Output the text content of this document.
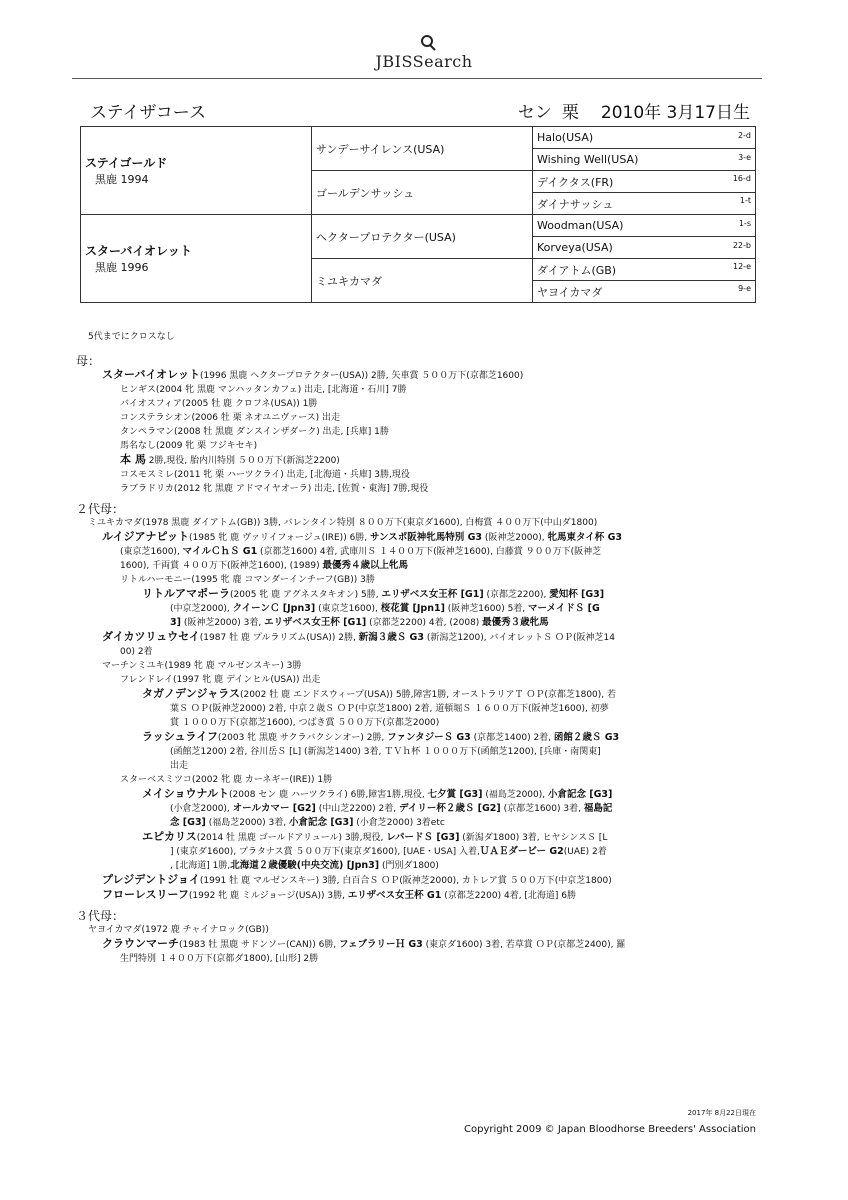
JBISSearch
ステイザコース	セン 栗 2010年 3月17日生
ステイゴールド
黒鹿 1994	サンデーサイレンス(USA)	Halo(USA) 2-d

		Wishing Well(USA) 3-e

	ゴールデンサッシュ	デイクタス(FR) 16-d

		ダイナサッシュ 1-t

スターバイオレット
黒鹿 1996	ヘクタープロテクター(USA)	Woodman(USA) 1-s

		Korveya(USA) 22-b

	ミユキカマダ	ダイアトム(GB) 12-e

		ヤヨイカマダ 9-e
5代までにクロスなし
母：
スターバイオレット(1996 黒鹿 ヘクタープロテクター(USA)) 2勝, 矢車賞 ５００万下(京都芝1600)
ヒンギス(2004 牝 黒鹿 マンハッタンカフェ) 出走, [北海道・石川] 7勝
バイオスフィア(2005 牡 鹿 クロフネ(USA)) 1勝
コンステラシオン(2006 牡 栗 ネオユニヴァース) 出走
タンペラマン(2008 牡 黒鹿 ダンスインザダーク) 出走, [兵庫] 1勝
馬名なし(2009 牝 栗 フジキセキ)
本 馬 2勝,現役, 胎内川特別 ５００万下(新潟芝2200)
コスモスミレ(2011 牝 栗 ハーツクライ) 出走, [北海道・兵庫] 3勝,現役
ラブラドリカ(2012 牝 黒鹿 アドマイヤオーラ) 出走, [佐賀・東海] 7勝,現役
２代母：
ミユキカマダ(1978 黒鹿 ダイアトム(GB)) 3勝, バレンタイン特別 ８００万下(東京ダ1600), 白梅賞 ４００万下(中山ダ1800)
ルイジアナピット(1985 牝 鹿 ヴァリイフォージュ(IRE)) 6勝, サンスポ阪神牝馬特別 G3 (阪神芝2000), 牝馬東タイ杯 G3
(東京芝1600), マイルＣｈＳ G1 (京都芝1600) 4着, 武庫川Ｓ １４００万下(阪神芝1600), 白藤賞 ９００万下(阪神芝
1600), 千両賞 ４００万下(阪神芝1600), (1989) 最優秀４歳以上牝馬
リトルハーモニー(1995 牝 鹿 コマンダーインチーフ(GB)) 3勝
リトルアマポーラ(2005 牝 鹿 アグネスタキオン) 5勝, エリザベス女王杯 [G1] (京都芝2200), 愛知杯 [G3]
(中京芝2000), クイーンＣ [Jpn3] (東京芝1600), 桜花賞 [Jpn1] (阪神芝1600) 5着, マーメイドＳ [G
3] (阪神芝2000) 3着, エリザベス女王杯 [G1] (京都芝2200) 4着, (2008) 最優秀３歳牝馬
ダイカツリュウセイ(1987 牡 鹿 プルラリズム(USA)) 2勝, 新潟３歳Ｓ G3 (新潟芝1200), バイオレットＳ ＯＰ(阪神芝14
00) 2着
マーチンミユキ(1989 牝 鹿 マルゼンスキー) 3勝
フレンドレイ(1997 牝 鹿 デインヒル(USA)) 出走
タガノデンジャラス(2002 牡 鹿 エンドスウィープ(USA)) 5勝,障害1勝, オーストラリアＴ ＯＰ(京都芝1800), 若
葉Ｓ ＯＰ(阪神芝2000) 2着, 中京２歳Ｓ ＯＰ(中京芝1800) 2着, 道頓堀Ｓ １６００万下(阪神芝1600), 初夢
賞 １０００万下(京都芝1600), つばき賞 ５００万下(京都芝2000)
ラッシュライフ(2003 牝 黒鹿 サクラバクシンオー) 2勝, ファンタジーＳ G3 (京都芝1400) 2着, 函館２歳Ｓ G3
(函館芝1200) 2着, 谷川岳Ｓ [L] (新潟芝1400) 3着, ＴＶｈ杯 １０００万下(函館芝1200), [兵庫・南関東]
出走
スターベスミツコ(2002 牝 鹿 カーネギー(IRE)) 1勝
メイショウナルト(2008 セン 鹿 ハーツクライ) 6勝,障害1勝,現役, 七夕賞 [G3] (福島芝2000), 小倉記念 [G3]
(小倉芝2000), オールカマー [G2] (中山芝2200) 2着, デイリー杯２歳Ｓ [G2] (京都芝1600) 3着, 福島記
念 [G3] (福島芝2000) 3着, 小倉記念 [G3] (小倉芝2000) 3着etc
エピカリス(2014 牡 黒鹿 ゴールドアリュール) 3勝,現役, レパードＳ [G3] (新潟ダ1800) 3着, ヒヤシンスＳ [L
] (東京ダ1600), プラタナス賞 ５００万下(東京ダ1600), [UAE・USA] 入着,ＵＡＥダービー G2(UAE) 2着
, [北海道] 1勝,北海道２歳優駿(中央交流) [Jpn3] (門別ダ1800)
プレジデントジョイ(1991 牡 鹿 マルゼンスキー) 3勝, 白百合Ｓ ＯＰ(阪神芝2000), カトレア賞 ５００万下(中京芝1800)
フローレスリーフ(1992 牝 鹿 ミルジョージ(USA)) 3勝, エリザベス女王杯 G1 (京都芝2200) 4着, [北海道] 6勝
３代母：
ヤヨイカマダ(1972 鹿 チャイナロック(GB))
クラウンマーチ(1983 牡 黒鹿 サドンソー(CAN)) 6勝, フェブラリーＨ G3 (東京ダ1600) 3着, 若草賞 ＯＰ(京都芝2400), 羅
生門特別 １４００万下(京都ダ1800), [山形] 2勝
2017年 8月22日現在
Copyright 2009 © Japan Bloodhorse Breeders' Association
